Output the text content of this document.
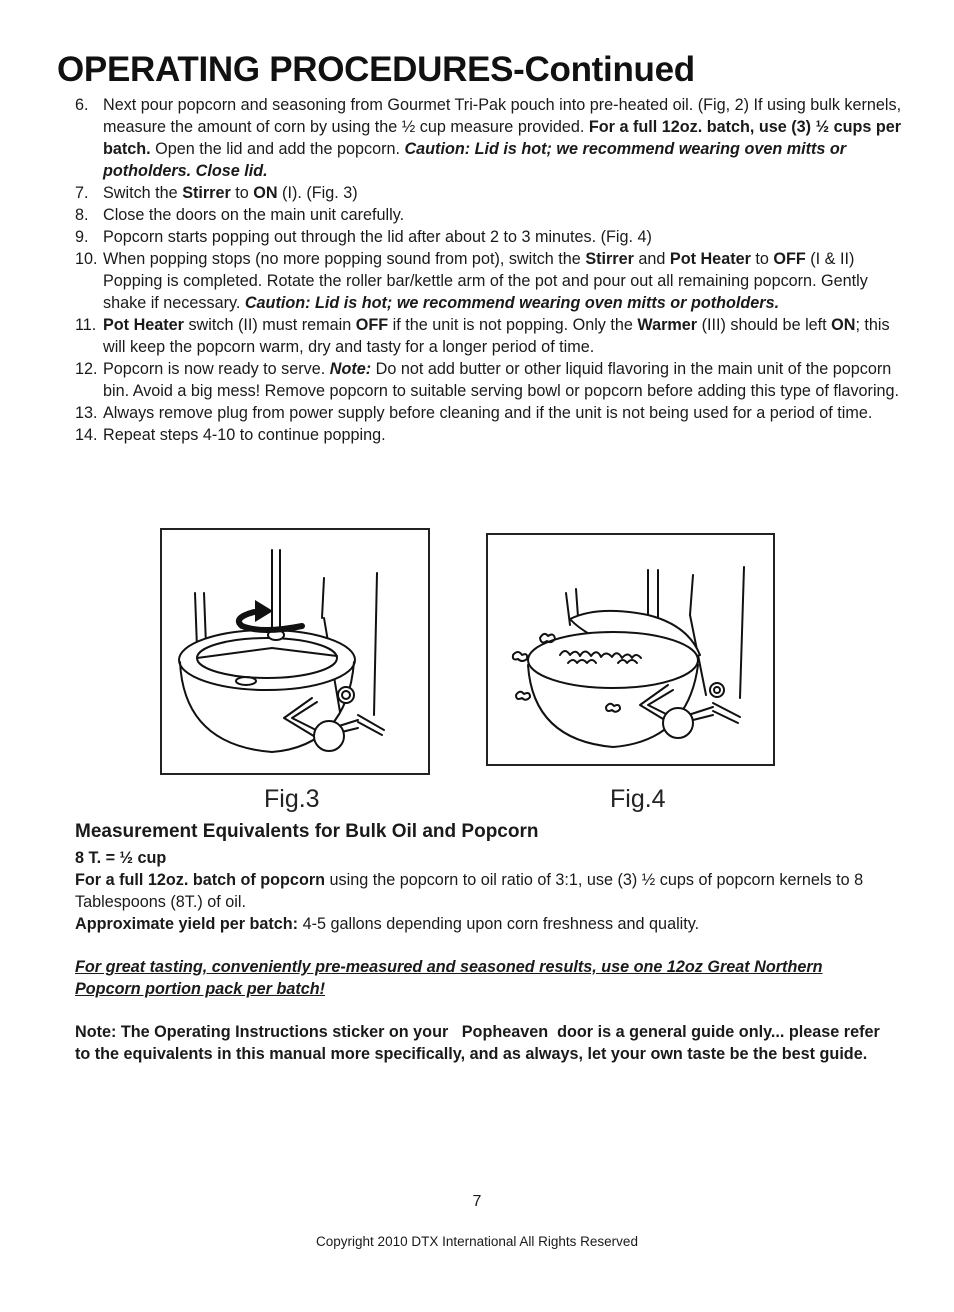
OPERATING PROCEDURES-Continued
6. Next pour popcorn and seasoning from Gourmet Tri-Pak pouch into pre-heated oil. (Fig, 2) If using bulk kernels, measure the amount of corn by using the ½ cup measure provided. For a full 12oz. batch, use (3) ½ cups per batch. Open the lid and add the popcorn. Caution: Lid is hot; we recommend wearing oven mitts or potholders. Close lid.
7. Switch the Stirrer to ON (I). (Fig. 3)
8. Close the doors on the main unit carefully.
9. Popcorn starts popping out through the lid after about 2 to 3 minutes. (Fig. 4)
10. When popping stops (no more popping sound from pot), switch the Stirrer and Pot Heater to OFF (I & II) Popping is completed. Rotate the roller bar/kettle arm of the pot and pour out all remaining popcorn. Gently shake if necessary. Caution: Lid is hot; we recommend wearing oven mitts or potholders.
11. Pot Heater switch (II) must remain OFF if the unit is not popping. Only the Warmer (III) should be left ON; this will keep the popcorn warm, dry and tasty for a longer period of time.
12. Popcorn is now ready to serve. Note: Do not add butter or other liquid flavoring in the main unit of the popcorn bin. Avoid a big mess! Remove popcorn to suitable serving bowl or popcorn before adding this type of flavoring.
13. Always remove plug from power supply before cleaning and if the unit is not being used for a period of time.
14. Repeat steps 4-10 to continue popping.
Fig.3	Fig.4
Measurement Equivalents for Bulk Oil and Popcorn

8 T. = ½ cup

For a full 12oz. batch of popcorn using the popcorn to oil ratio of 3:1, use (3) ½ cups of popcorn kernels to 8 Tablespoons (8T.) of oil.

Approximate yield per batch: 4-5 gallons depending upon corn freshness and quality.

For great tasting, conveniently pre-measured and seasoned results, use one 12oz Great Northern Popcorn portion pack per batch!

Note: The Operating Instructions sticker on your   Popheaven  door is a general guide only... please refer to the equivalents in this manual more specifically, and as always, let your own taste be the best guide.

7
Copyright 2010 DTX International All Rights Reserved
